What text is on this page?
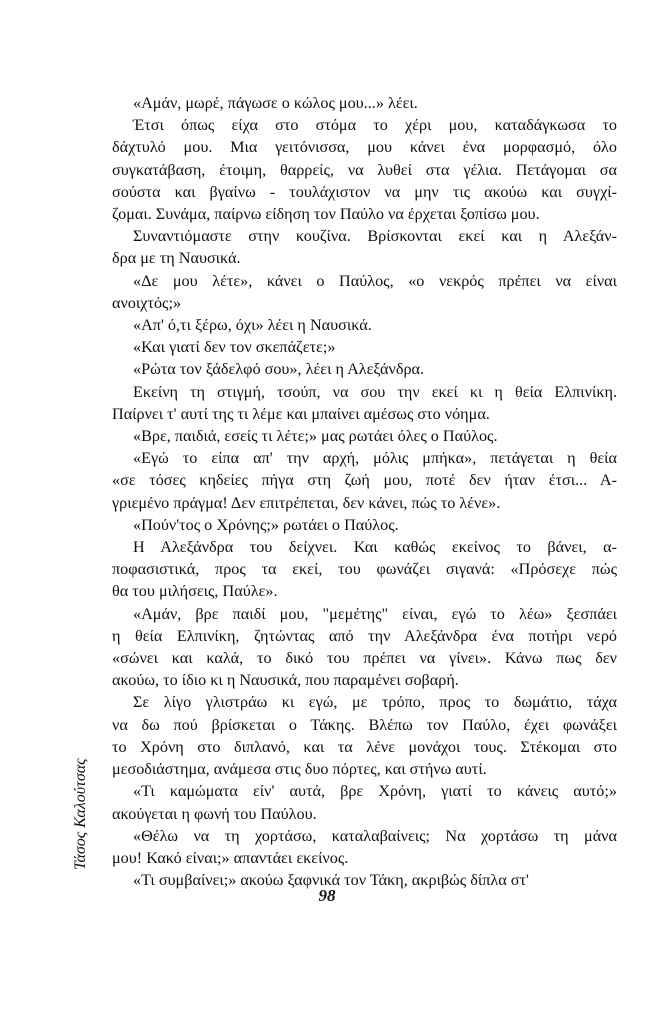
Τάσος Καλούτσας

«Αμάν, μωρέ, πάγωσε ο κώλος μου...» λέει.

Έτσι όπως είχα στο στόμα το χέρι μου, καταδάγκωσα το
δάχτυλό μου. Μια γειτόνισσα, μου κάνει ένα μορφασμό, όλο
συγκατάβαση, έτοιμη, θαρρείς, να λυθεί στα γέλια. Πετάγομαι σα
σούστα και βγαίνω - τουλάχιστον να μην τις ακούω και συγχί-
ζομαι. Συνάμα, παίρνω είδηση τον Παύλο να έρχεται ξοπίσω μου.

Συναντιόμαστε στην κουζίνα. Βρίσκονται εκεί και η Αλεξάν-
δρα με τη Ναυσικά.

«Δε μου λέτε», κάνει ο Παύλος, «ο νεκρός πρέπει να είναι
ανοιχτός;»

«Απ' ό,τι ξέρω, όχι» λέει η Ναυσικά.

«Και γιατί δεν τον σκεπάζετε;»

«Ρώτα τον ξάδελφό σου», λέει η Αλεξάνδρα.

Εκείνη τη στιγμή, τσούπ, να σου την εκεί κι η θεία Ελπινίκη.
Παίρνει τ' αυτί της τι λέμε και μπαίνει αμέσως στο νόημα.

«Βρε, παιδιά, εσείς τι λέτε;» μας ρωτάει όλες ο Παύλος.

«Εγώ το είπα απ' την αρχή, μόλις μπήκα», πετάγεται η θεία
«σε τόσες κηδείες πήγα στη ζωή μου, ποτέ δεν ήταν έτσι... Α-
γριεμένο πράγμα! Δεν επιτρέπεται, δεν κάνει, πώς το λένε».

«Πούν'τος ο Χρόνης;» ρωτάει ο Παύλος.

Η Αλεξάνδρα του δείχνει. Και καθώς εκείνος το βάνει, α-
ποφασιστικά, προς τα εκεί, του φωνάζει σιγανά: «Πρόσεχε πώς
θα του μιλήσεις, Παύλε».

«Αμάν, βρε παιδί μου, "μεμέτης" είναι, εγώ το λέω» ξεσπάει
η θεία Ελπινίκη, ζητώντας από την Αλεξάνδρα ένα ποτήρι νερό
«σώνει και καλά, το δικό του πρέπει να γίνει». Κάνω πως δεν
ακούω, το ίδιο κι η Ναυσικά, που παραμένει σοβαρή.

Σε λίγο γλιστράω κι εγώ, με τρόπο, προς το δωμάτιο, τάχα
να δω πού βρίσκεται ο Τάκης. Βλέπω τον Παύλο, έχει φωνάξει
το Χρόνη στο διπλανό, και τα λένε μονάχοι τους. Στέκομαι στο
μεσοδιάστημα, ανάμεσα στις δυο πόρτες, και στήνω αυτί.

«Τι καμώματα είν' αυτά, βρε Χρόνη, γιατί το κάνεις αυτό;»
ακούγεται η φωνή του Παύλου.

«Θέλω να τη χορτάσω, καταλαβαίνεις; Να χορτάσω τη μάνα
μου! Κακό είναι;» απαντάει εκείνος.

«Τι συμβαίνει;» ακούω ξαφνικά τον Τάκη, ακριβώς δίπλα στ'

98
